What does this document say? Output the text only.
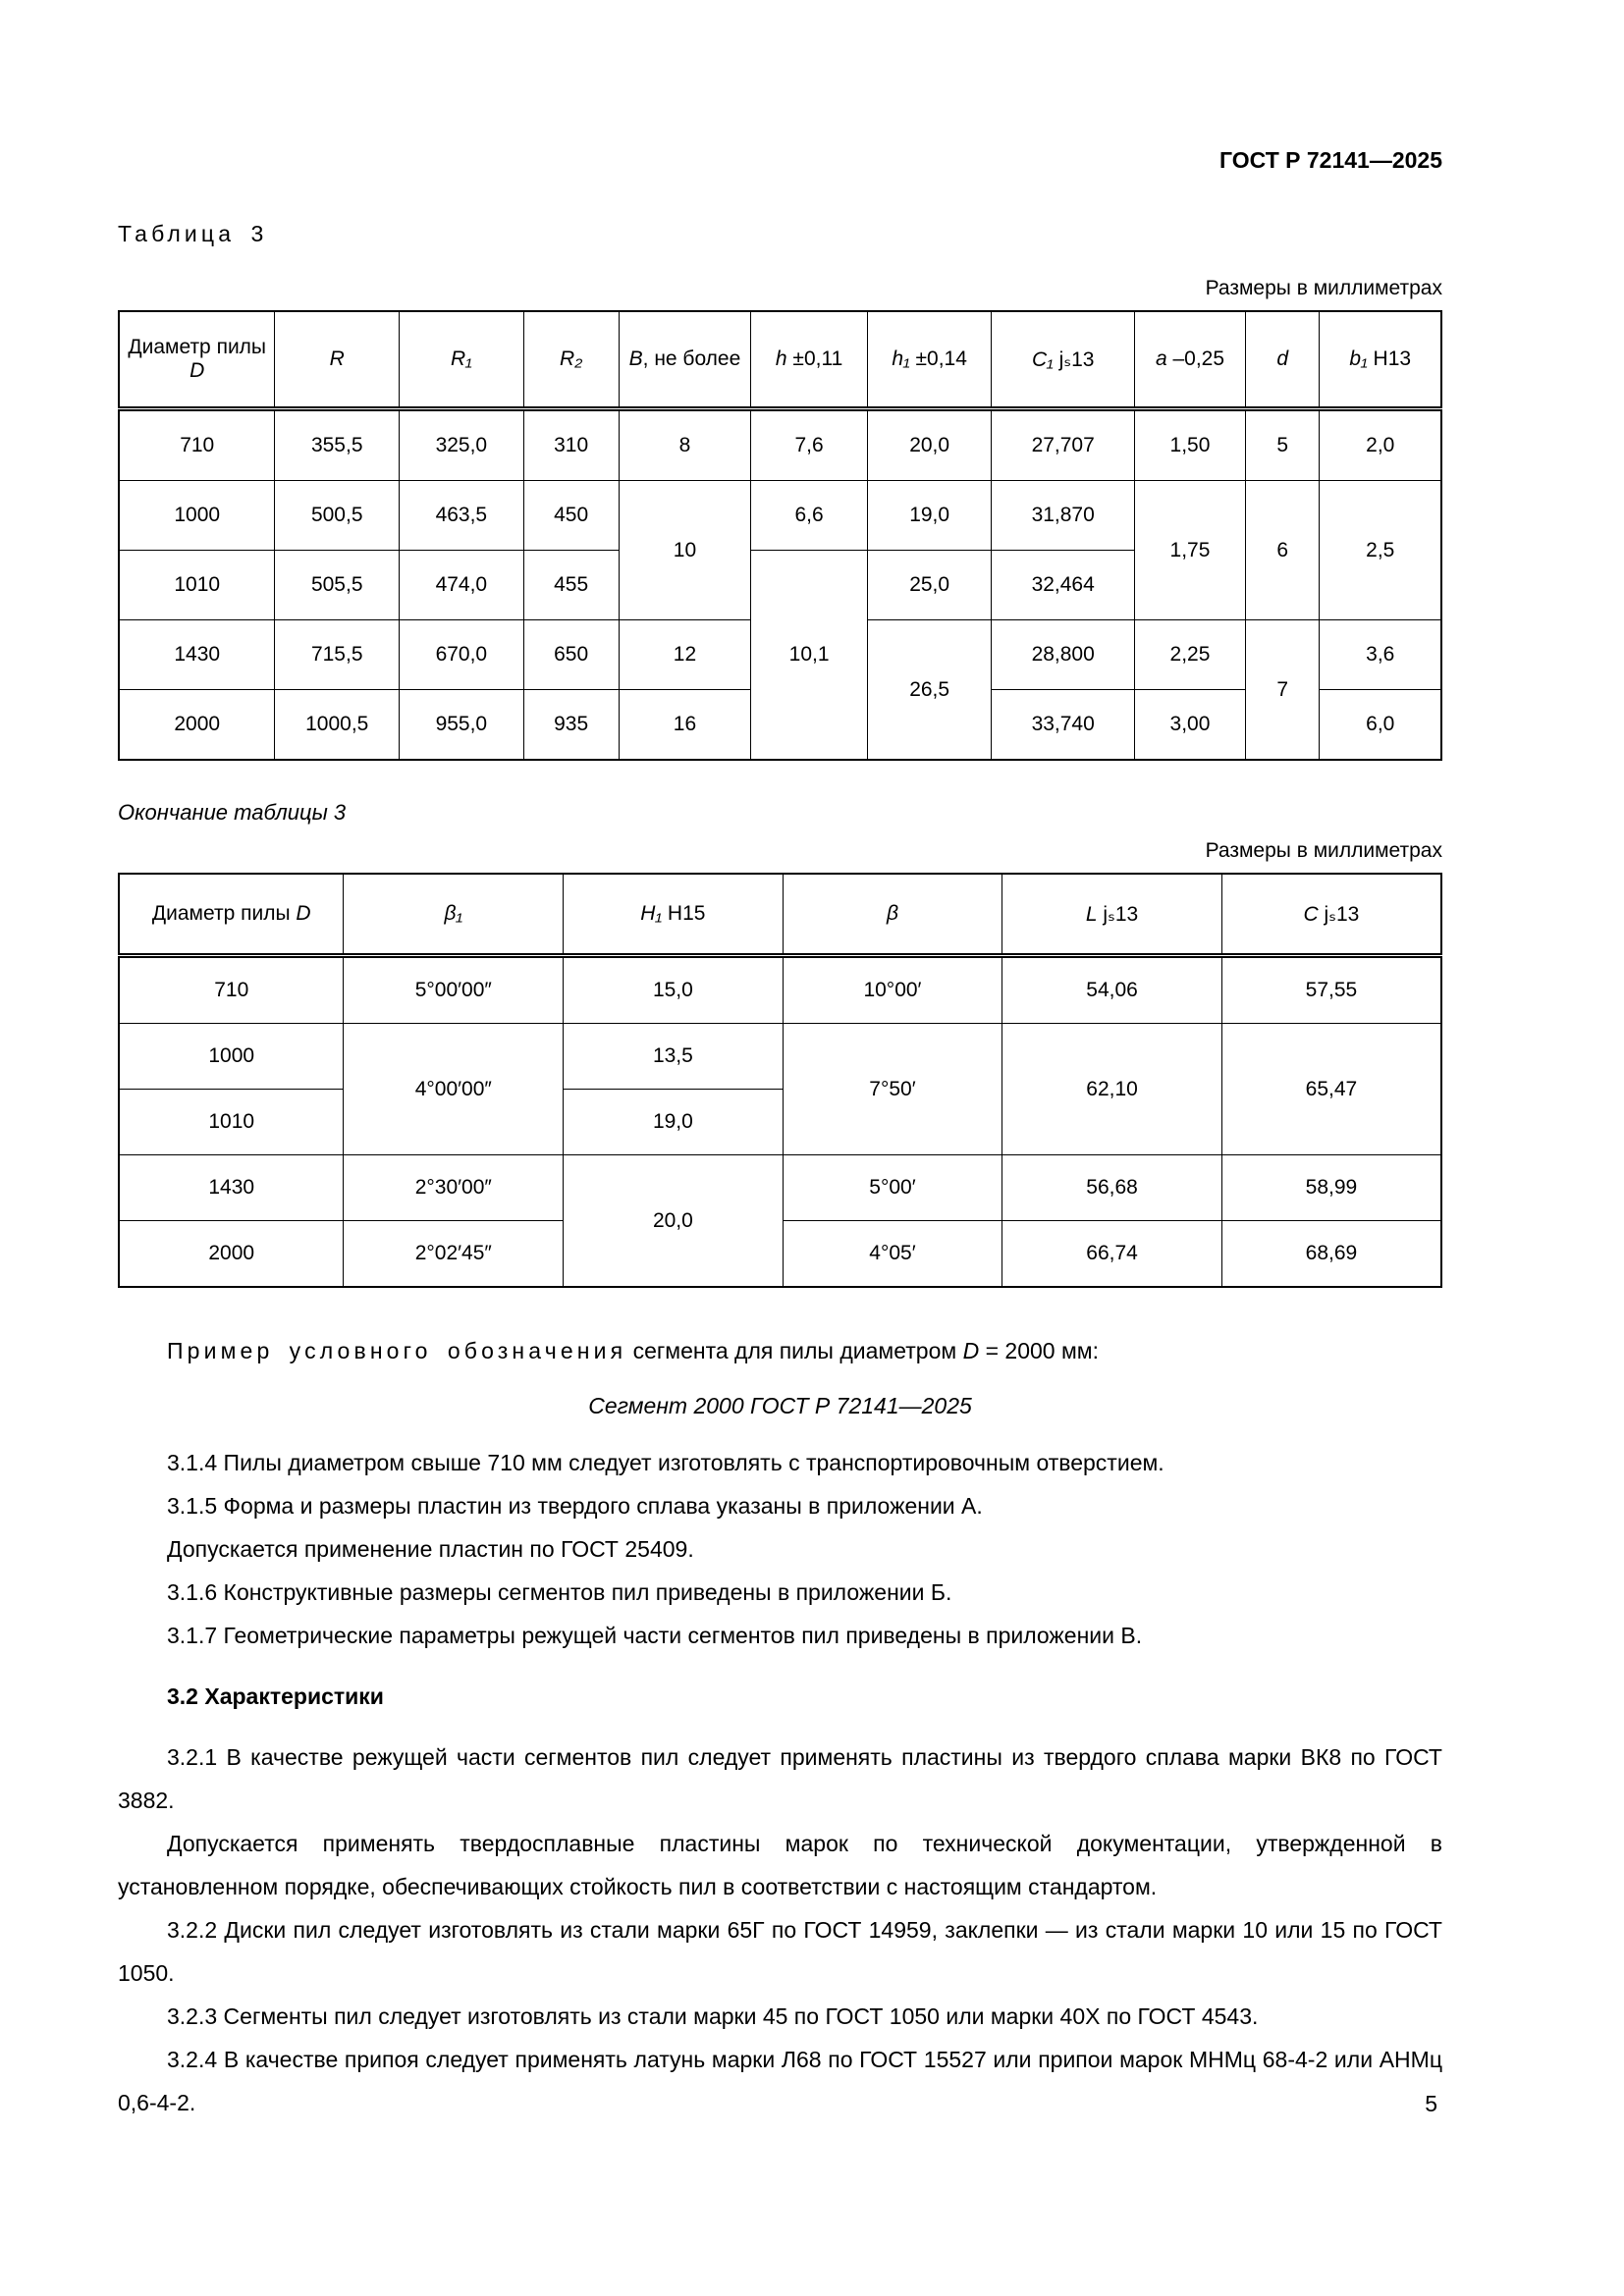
ГОСТ Р 72141—2025

Таблица 3

Размеры в миллиметрах

Диаметр пилы D	R	R₁	R₂	B, не более	h ±0,11	h₁ ±0,14	C₁ jₛ13	a –0,25	d	b₁ H13
710	355,5	325,0	310	8	7,6	20,0	27,707	1,50	5	2,0
1000	500,5	463,5	450	10	6,6	19,0	31,870	1,75	6	2,5
1010	505,5	474,0	455		10,1	25,0	32,464			
1430	715,5	670,0	650	12		26,5	28,800	2,25	7	3,6
2000	1000,5	955,0	935	16			33,740	3,00		6,0

Окончание таблицы 3

Размеры в миллиметрах

Диаметр пилы D	β₁	H₁ H15	β	L jₛ13	C jₛ13
710	5°00′00″	15,0	10°00′	54,06	57,55
1000	4°00′00″	13,5	7°50′	62,10	65,47
1010		19,0			
1430	2°30′00″	20,0	5°00′	56,68	58,99
2000	2°02′45″		4°05′	66,74	68,69

Пример условного обозначения сегмента для пилы диаметром D = 2000 мм:

Сегмент 2000 ГОСТ Р 72141—2025

3.1.4 Пилы диаметром свыше 710 мм следует изготовлять с транспортировочным отверстием.

3.1.5 Форма и размеры пластин из твердого сплава указаны в приложении А.

Допускается применение пластин по ГОСТ 25409.

3.1.6 Конструктивные размеры сегментов пил приведены в приложении Б.

3.1.7 Геометрические параметры режущей части сегментов пил приведены в приложении В.

3.2 Характеристики

3.2.1 В качестве режущей части сегментов пил следует применять пластины из твердого сплава марки ВК8 по ГОСТ 3882.

Допускается применять твердосплавные пластины марок по технической документации, утвержденной в установленном порядке, обеспечивающих стойкость пил в соответствии с настоящим стандартом.

3.2.2 Диски пил следует изготовлять из стали марки 65Г по ГОСТ 14959, заклепки — из стали марки 10 или 15 по ГОСТ 1050.

3.2.3 Сегменты пил следует изготовлять из стали марки 45 по ГОСТ 1050 или марки 40Х по ГОСТ 4543.

3.2.4 В качестве припоя следует применять латунь марки Л68 по ГОСТ 15527 или припои марок МНМц 68-4-2 или АНМц 0,6-4-2.	5
